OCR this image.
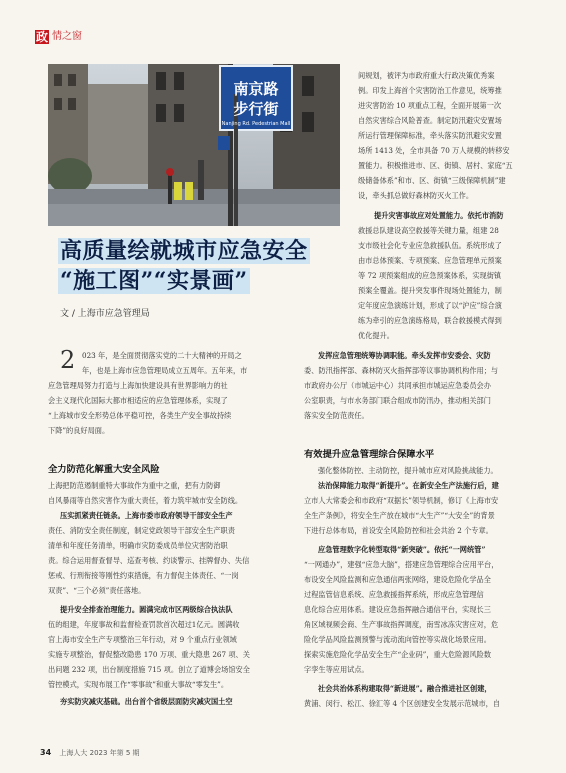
政 情之窗
南京路
步行街
Nanjing Rd. Pedestrian Mall
高质量绘就城市应急安全
“施工图”“实景画”
文 / 上海市应急管理局
2 023 年，是全面贯彻落实党的二十大精神的开局之
年，也是上海市应急管理局成立五周年。五年来，市
应急管理局努力打造与上海加快建设具有世界影响力的社
会主义现代化国际大都市相适应的应急管理体系，实现了
“上海城市安全形势总体平稳可控，各类生产安全事故持续
下降”的良好局面。
全力防范化解重大安全风险
上海把防范遏制重特大事故作为重中之重，把有力防御
自风暴雨等自然灾害作为重大责任，着力筑牢城市安全防线。
压实抓紧责任链条。上海市委市政府领导干部安全生产
责任、消防安全责任制度，制定党政领导干部安全生产职责
清单和年度任务清单，明确市灾防委成员单位灾害防治职
责。综合运用督查督导、巡查考核、约谈警示、挂牌督办、失信
惩戒、行刑衔接等刚性约束措施，有力督促主体责任、“一岗
双责”、“三个必须”责任落地。
提升安全排查治理能力。圆满完成市区两级综合执法队
伍的组建，年度事故和监督检查罚款首次超过1亿元。圆满收
官上海市安全生产专项整治三年行动，对 9 个重点行业领域
实施专项整治，督促整改隐患 170 万项、重大隐患 267 项、关
出问题 232 项，出台制度措施 715 项。创立了道博会场馆安全
管控模式，实现布展工作“零事故”和重大事故“零发生”。
夯实防灾减灾基础。出台首个省级层面防灾减灾国土空
间规划，被评为市政府重大行政决策优秀案
例。印发上海首个灾害防治工作意见，统筹推
进灾害防治 10 项重点工程，全面开展第一次
自然灾害综合风险普查。制定防汛避灾安置场
所运行管理保障标准，牵头落实防汛避灾安置
场所 1413 处，全市具备 70 万人规模的转移安
置能力。积极推进市、区、街镇、居村、家庭“五
级储备体系”和市、区、街镇“三级保障机制”建
设，牵头抓总做好森林防灭火工作。
提升灾害事故应对处置能力。依托市消防
救援总队建设高空救援等关键力量，组建 28
支市级社会化专业应急救援队伍。系统形成了
由市总体预案、专项预案、应急管理单元预案
等 72 项预案组成的应急预案体系，实现街镇
预案全覆盖。提升突发事件现场处置能力，制
定年度应急演练计划，形成了以“沪应”综合演
练为牵引的应急演练格局，联合救援模式得到
优化提升。
发挥应急管理统筹协调职能。牵头发挥市安委会、灾防
委、防汛指挥部、森林防灭火指挥部等议事协调机构作用；与
市政府办公厅（市城运中心）共同承担市城运应急委员会办
公室职责，与市水务部门联合组成市防汛办，推动相关部门
落实安全防范责任。
有效提升应急管理综合保障水平
强化整体防控、主动防控，提升城市应对风险挑战能力。
法治保障能力取得“新提升”。在新安全生产法施行后，建
立市人大常委会和市政府“双据长”领导机制，修订《上海市安
全生产条例》，将安全生产放在城市“大生产”“大安全”的背景
下进行总体布局，首设安全风险防控和社会共治 2 个专章。
应急管理数字化转型取得“新突破”。依托“一网统管”
“一网通办”，建强“应急大脑”，搭建应急管理综合应用平台，
布设安全风险监测和应急通信两张网络，建设危险化学品全
过程监管信息系统、应急救援指挥系统，形成应急管理信
息化综合应用体系。建设应急指挥融合通信平台，实现长三
角区域视频会商、生产事故指挥调度，南雪冰冻灾害应对，危
险化学品风险监测预警与流动流向管控等实战化场景应用。
探索实施危险化学品安全生产“企业码”，重大危险源风险数
字孪生等应用试点。
社会共治体系构建取得“新进展”。融合推进社区创建，
黄浦、闵行、松江、徐汇等 4 个区创建安全发展示范城市，自
34 上海人大 2023 年第 5 期
